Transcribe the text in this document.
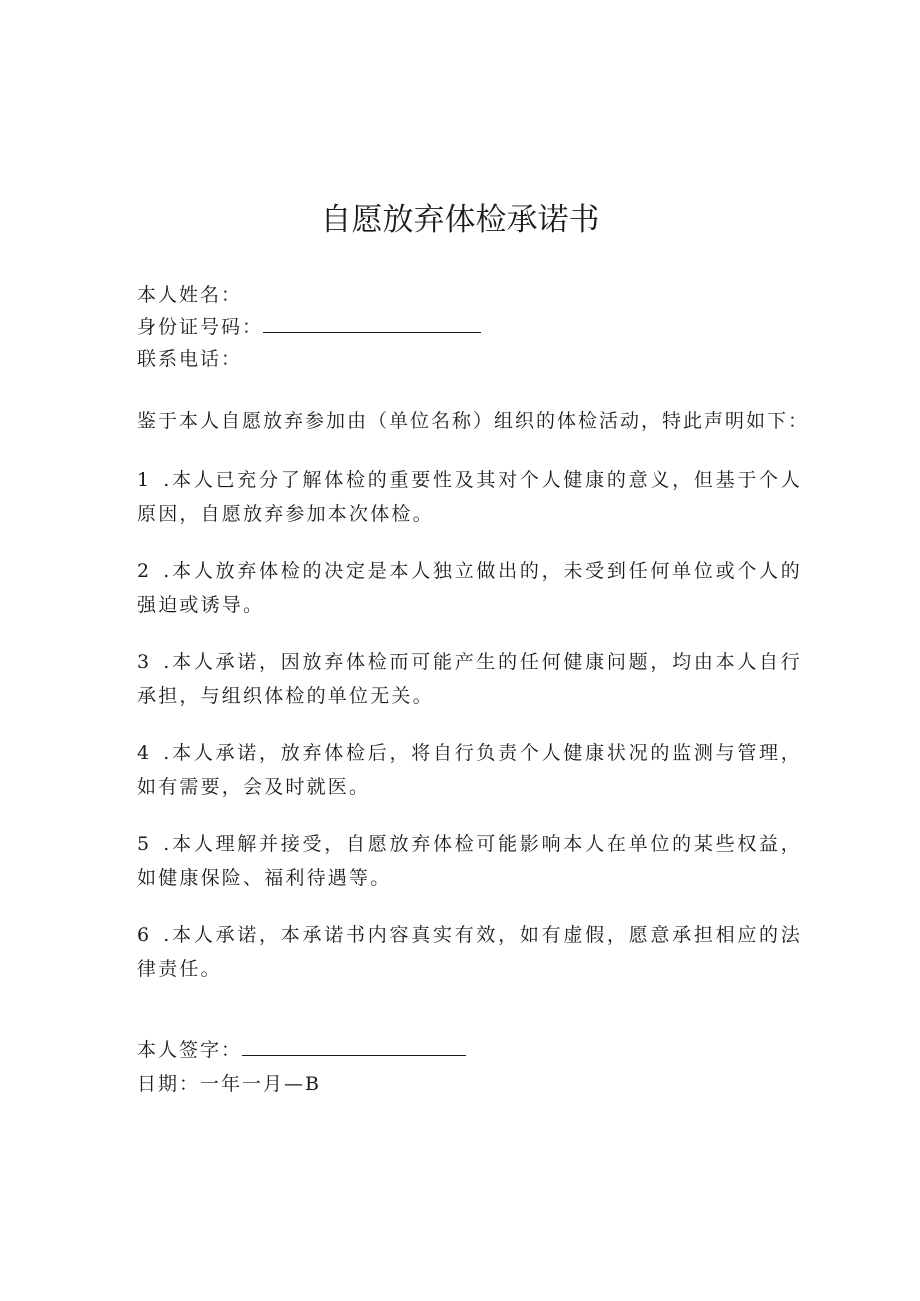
自愿放弃体检承诺书
本人姓名：
身份证号码：
联系电话：
鉴于本人自愿放弃参加由（单位名称）组织的体检活动，特此声明如下：
1 .本人已充分了解体检的重要性及其对个人健康的意义，但基于个人原因，自愿放弃参加本次体检。
2 .本人放弃体检的决定是本人独立做出的，未受到任何单位或个人的强迫或诱导。
3 .本人承诺，因放弃体检而可能产生的任何健康问题，均由本人自行承担，与组织体检的单位无关。
4 .本人承诺，放弃体检后，将自行负责个人健康状况的监测与管理，如有需要，会及时就医。
5 .本人理解并接受，自愿放弃体检可能影响本人在单位的某些权益，如健康保险、福利待遇等。
6 .本人承诺，本承诺书内容真实有效，如有虚假，愿意承担相应的法律责任。
本人签字：
日期：一年一月—B
